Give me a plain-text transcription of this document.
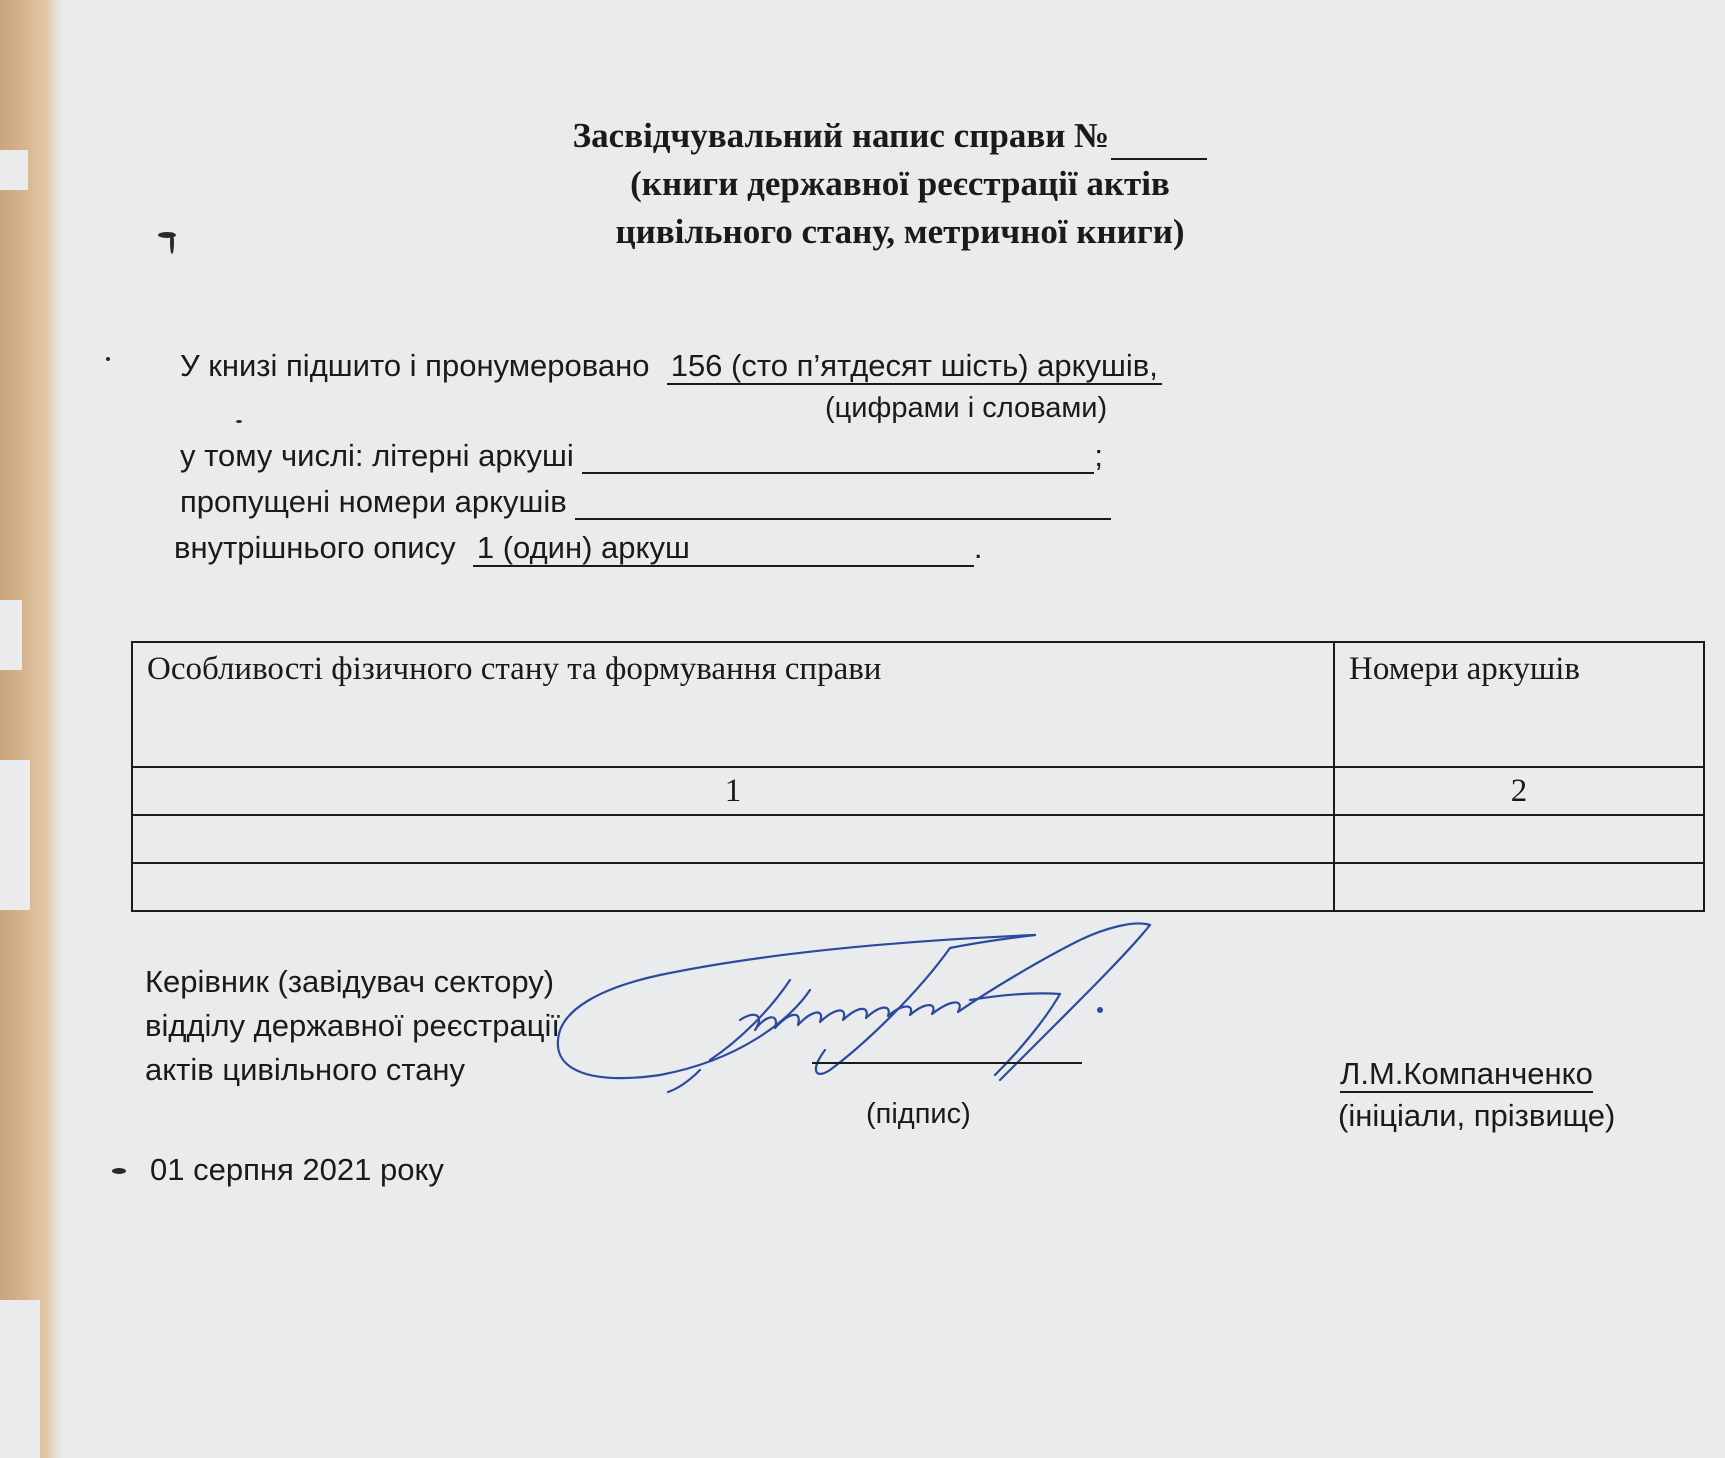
Засвідчувальний напис справи №
(книги державної реєстрації актів
цивільного стану, метричної книги)
У книзі підшито і пронумеровано 156 (сто п’ятдесят шість) аркушів,
(цифрами і словами)
у тому числі: літерні аркуші	;
пропущені номери аркушів
внутрішнього опису 1 (один) аркуш	.
Особливості фізичного стану та формування справи	Номери аркушів
1	2

Керівник (завідувач сектору)
відділу державної реєстрації
актів цивільного стану
(підпис)
Л.М.Компанченко
(ініціали, прізвище)
01 серпня 2021 року
